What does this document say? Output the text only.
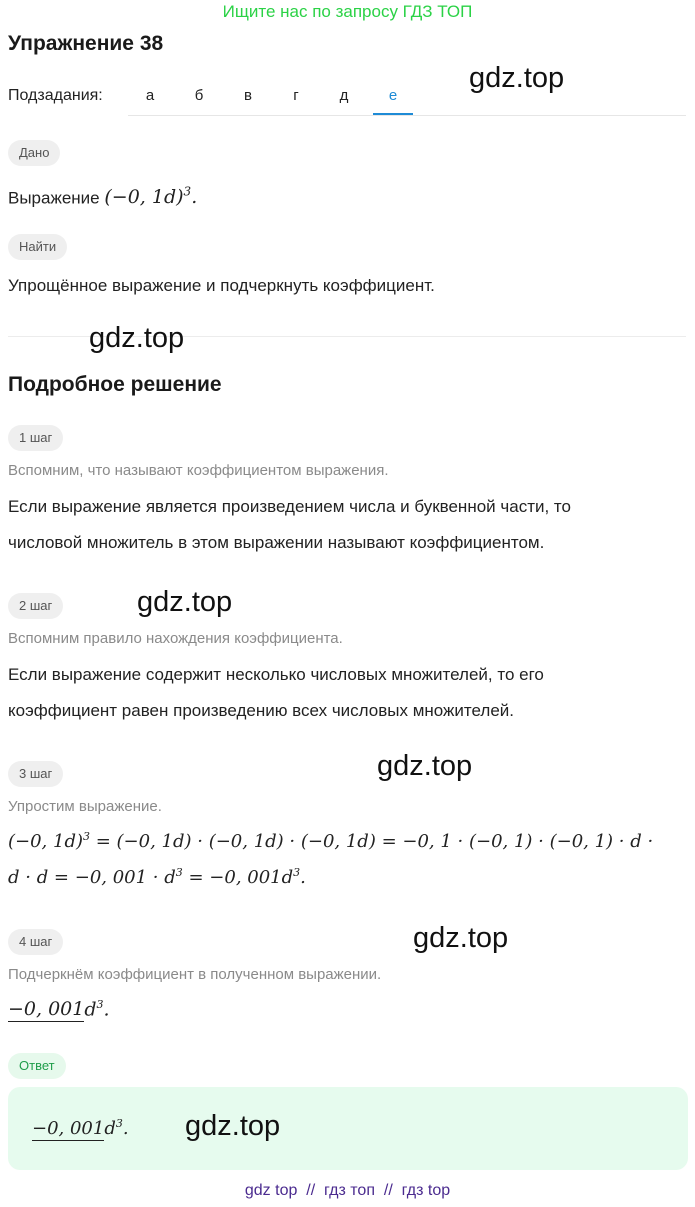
Ищите нас по запросу ГДЗ ТОП
Упражнение 38
Подзадания:	а	б	в	г	д	е
gdz.top
Дано
Выражение (−0, 1d)$^3$.
Найти
Упрощённое выражение и подчеркнуть коэффициент.
gdz.top
Подробное решение
1 шаг
Вспомним, что называют коэффициентом выражения.
Если выражение является произведением числа и буквенной части, то
числовой множитель в этом выражении называют коэффициентом.
2 шаг	gdz.top
Вспомним правило нахождения коэффициента.
Если выражение содержит несколько числовых множителей, то его
коэффициент равен произведению всех числовых множителей.
3 шаг	gdz.top
Упростим выражение.
(−0, 1d)$^3$ = (−0, 1d) · (−0, 1d) · (−0, 1d) = −0, 1 · (−0, 1) · (−0, 1) · d ·
d · d = −0, $001 \cdot d^3 = -0$, $001d^3$.
4 шаг	gdz.top
Подчеркнём коэффициент в полученном выражении.
−0, $001d^3$.
Ответ
−0, $001d^3$. gdz.top
gdz top  //  гдз топ  //  гдз top
